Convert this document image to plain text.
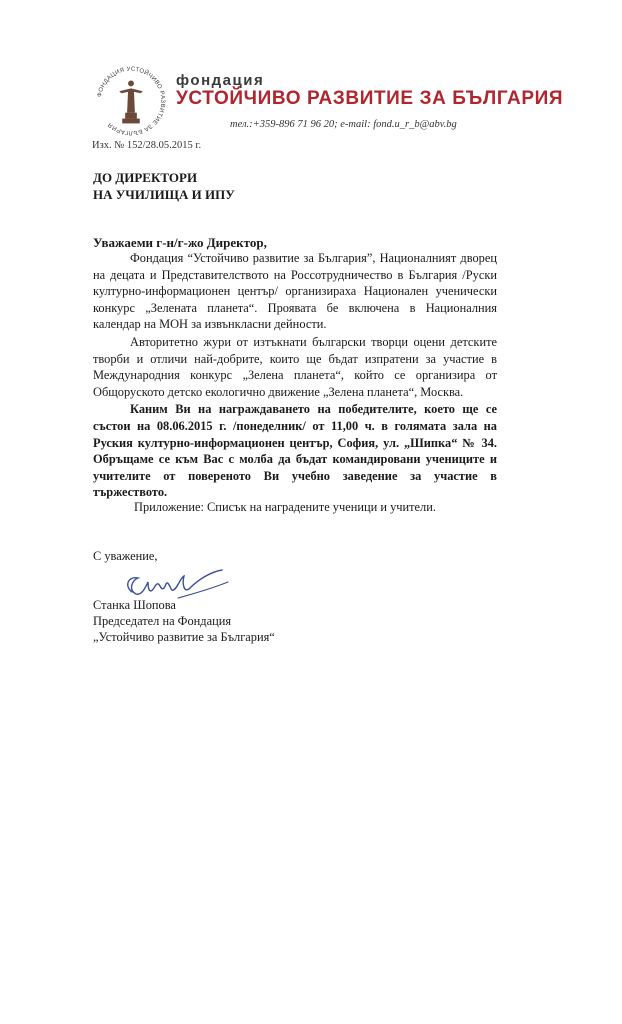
ФОНДАЦИЯ УСТОЙЧИВО РАЗВИТИЕ ЗА БЪЛГАРИЯ
фондация
УСТОЙЧИВО РАЗВИТИЕ ЗА БЪЛГАРИЯ
тел.:+359-896 71 96 20; e-mail: fond.u_r_b@abv.bg
Изх. № 152/28.05.2015 г.
ДО ДИРЕКТОРИ
НА УЧИЛИЩА И ИПУ
Уважаеми г-н/г-жо Директор,

Фондация “Устойчиво развитие за България”, Националният дворец на децата и Представителството на Россотрудничество в България /Руски културно-информационен център/ организираха Национален ученически конкурс „Зелената планета“. Проявата бе включена в Националния календар на МОН за извънкласни дейности.

Авторитетно жури от изтъкнати български творци оцени детските творби и отличи най-добрите, които ще бъдат изпратени за участие в Международния конкурс „Зелена планета“, който се организира от Общоруското детско екологично движение „Зелена планета“, Москва.

Каним Ви на награждаването на победителите, което ще се състои на 08.06.2015 г. /понеделник/ от 11,00 ч. в голямата зала на Руския културно-информационен център, София, ул. „Шипка“ № 34. Обръщаме се към Вас с молба да бъдат командировани учениците и учителите от повереното Ви учебно заведение за участие в тържеството.

Приложение: Списък на наградените ученици и учители.
С уважение,
Станка Шопова
Председател на Фондация
„Устойчиво развитие за България“
